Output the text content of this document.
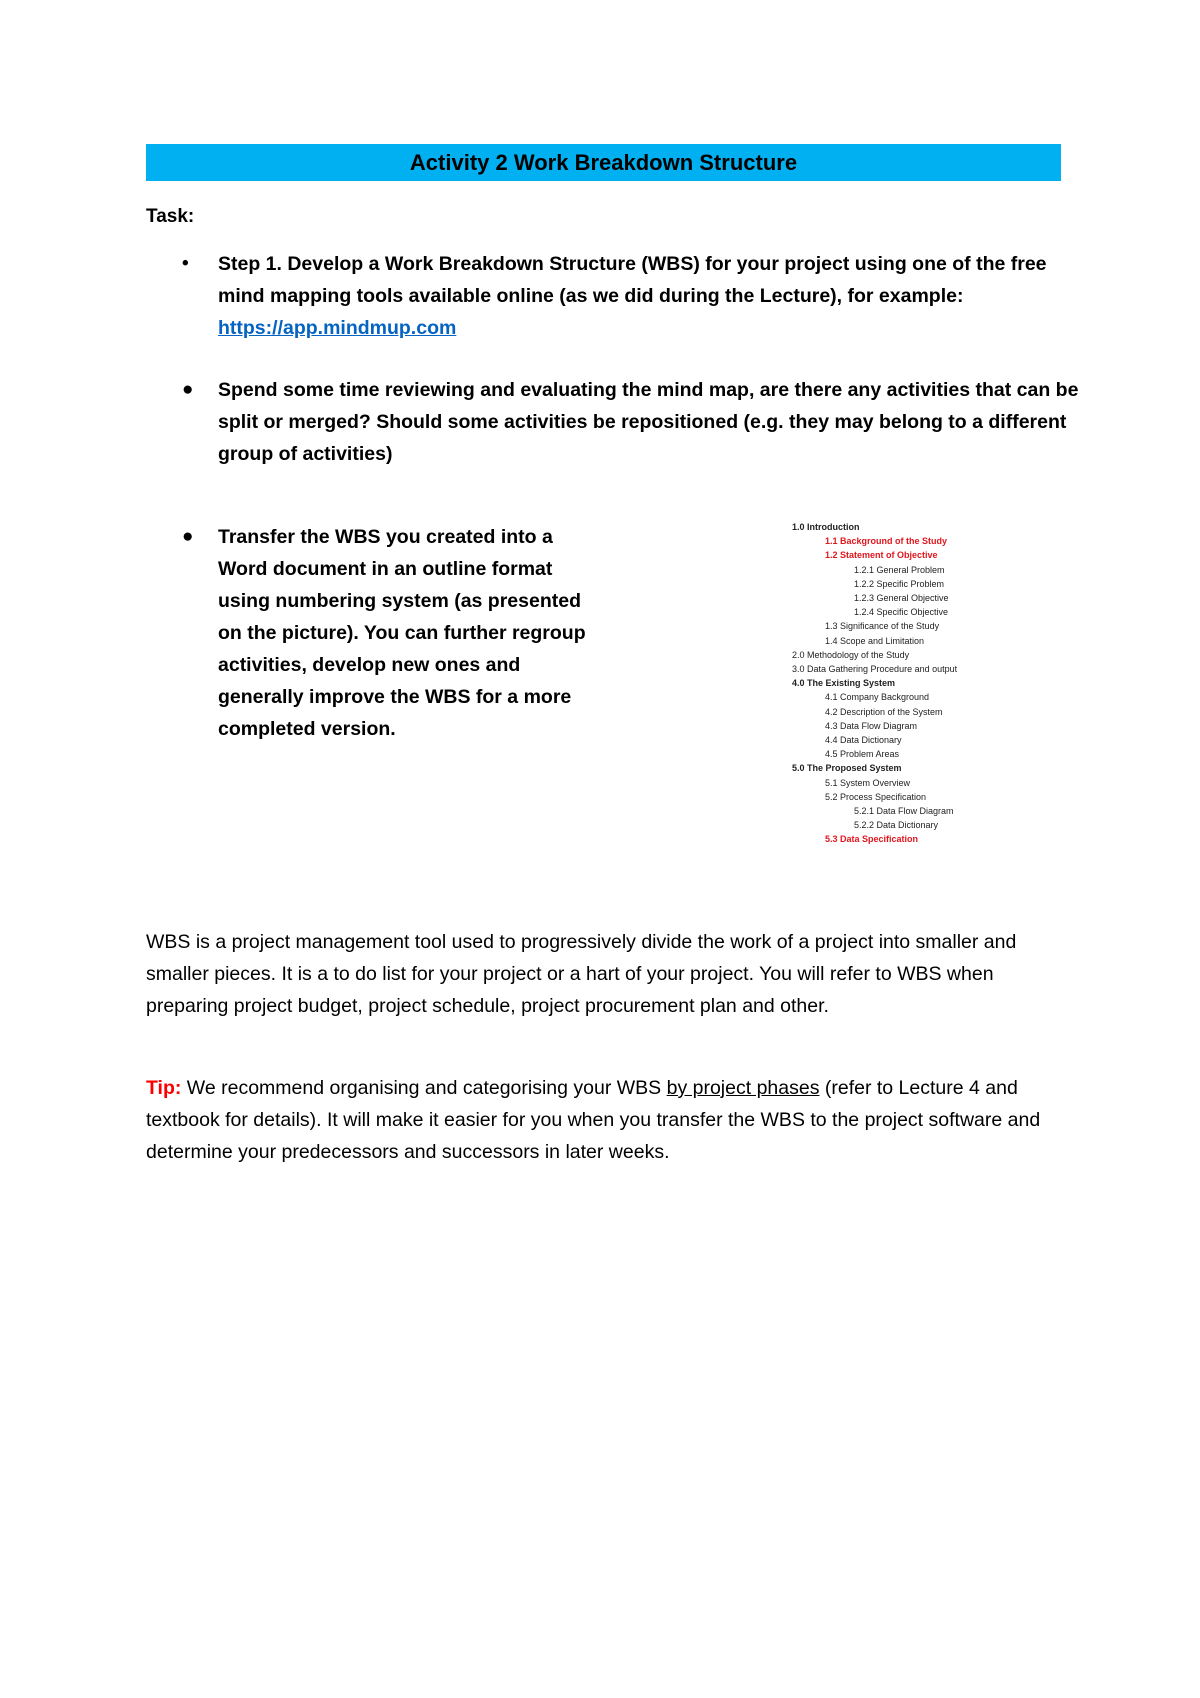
Activity 2 Work Breakdown Structure
Task:
• Step 1. Develop a Work Breakdown Structure (WBS) for your project using one of the free mind mapping tools available online (as we did during the Lecture), for example: https://app.mindmup.com
● Spend some time reviewing and evaluating the mind map, are there any activities that can be split or merged? Should some activities be repositioned (e.g. they may belong to a different group of activities)
● Transfer the WBS you created into a Word document in an outline format using numbering system (as presented on the picture). You can further regroup activities, develop new ones and generally improve the WBS for a more completed version.
1.0 Introduction
1.1 Background of the Study
1.2 Statement of Objective
1.2.1 General Problem
1.2.2 Specific Problem
1.2.3 General Objective
1.2.4 Specific Objective
1.3 Significance of the Study
1.4 Scope and Limitation
2.0 Methodology of the Study
3.0 Data Gathering Procedure and output
4.0 The Existing System
4.1 Company Background
4.2 Description of the System
4.3 Data Flow Diagram
4.4 Data Dictionary
4.5 Problem Areas
5.0 The Proposed System
5.1 System Overview
5.2 Process Specification
5.2.1 Data Flow Diagram
5.2.2 Data Dictionary
5.3 Data Specification
WBS is a project management tool used to progressively divide the work of a project into smaller and smaller pieces. It is a to do list for your project or a hart of your project. You will refer to WBS when preparing project budget, project schedule, project procurement plan and other.
Tip: We recommend organising and categorising your WBS by project phases (refer to Lecture 4 and textbook for details). It will make it easier for you when you transfer the WBS to the project software and determine your predecessors and successors in later weeks.
